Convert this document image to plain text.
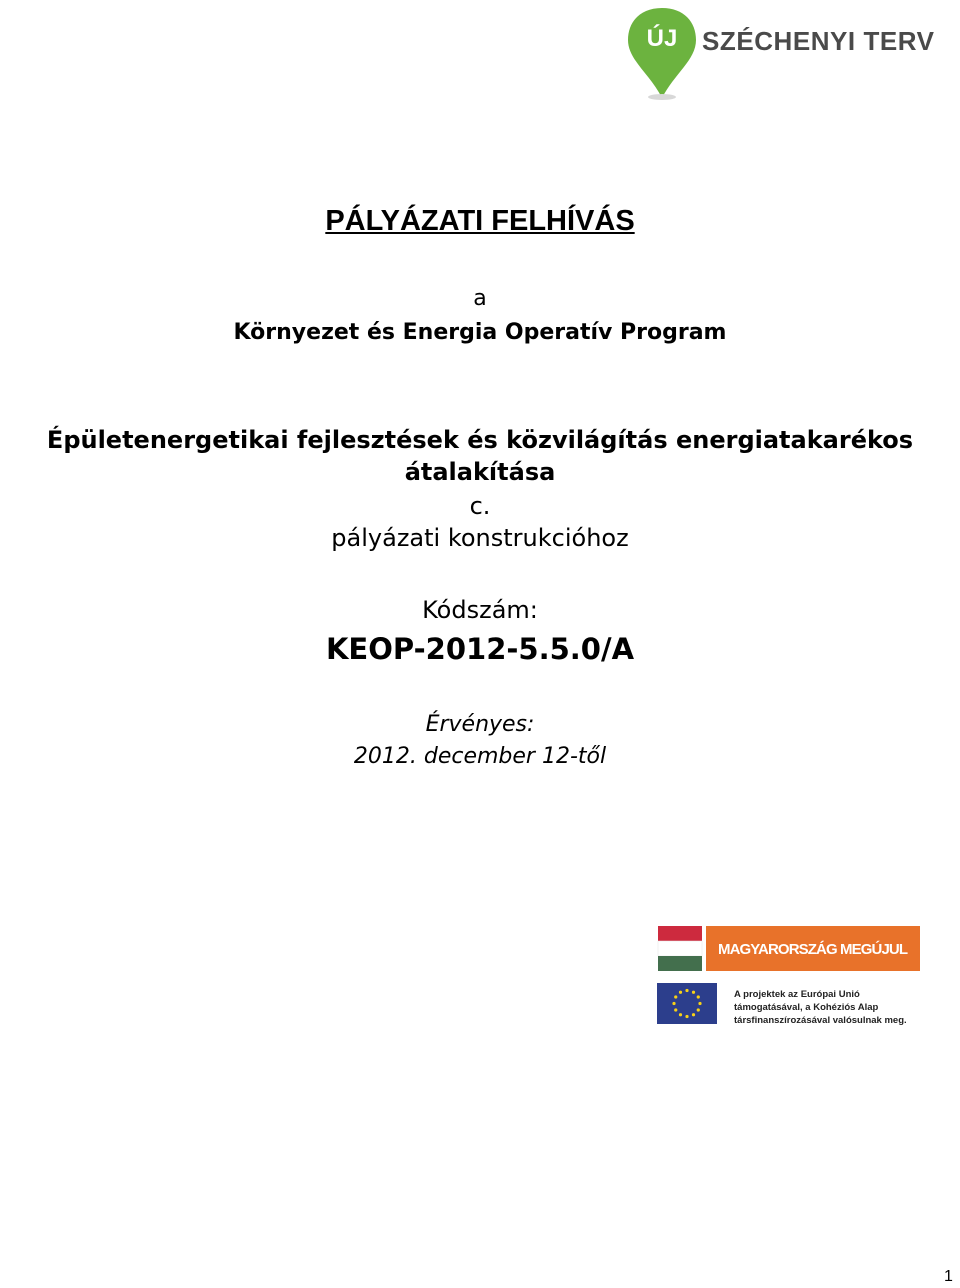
ÚJ SZÉCHENYI TERV
PÁLYÁZATI FELHÍVÁS
a
Környezet és Energia Operatív Program
Épületenergetikai fejlesztések és közvilágítás energiatakarékos
átalakítása
c.
pályázati konstrukcióhoz
Kódszám:
KEOP-2012-5.5.0/A
Érvényes:
2012. december 12-től
MAGYARORSZÁG MEGÚJUL
A projektek az Európai Unió
támogatásával, a Kohéziós Alap
társfinanszírozásával valósulnak meg.
1
